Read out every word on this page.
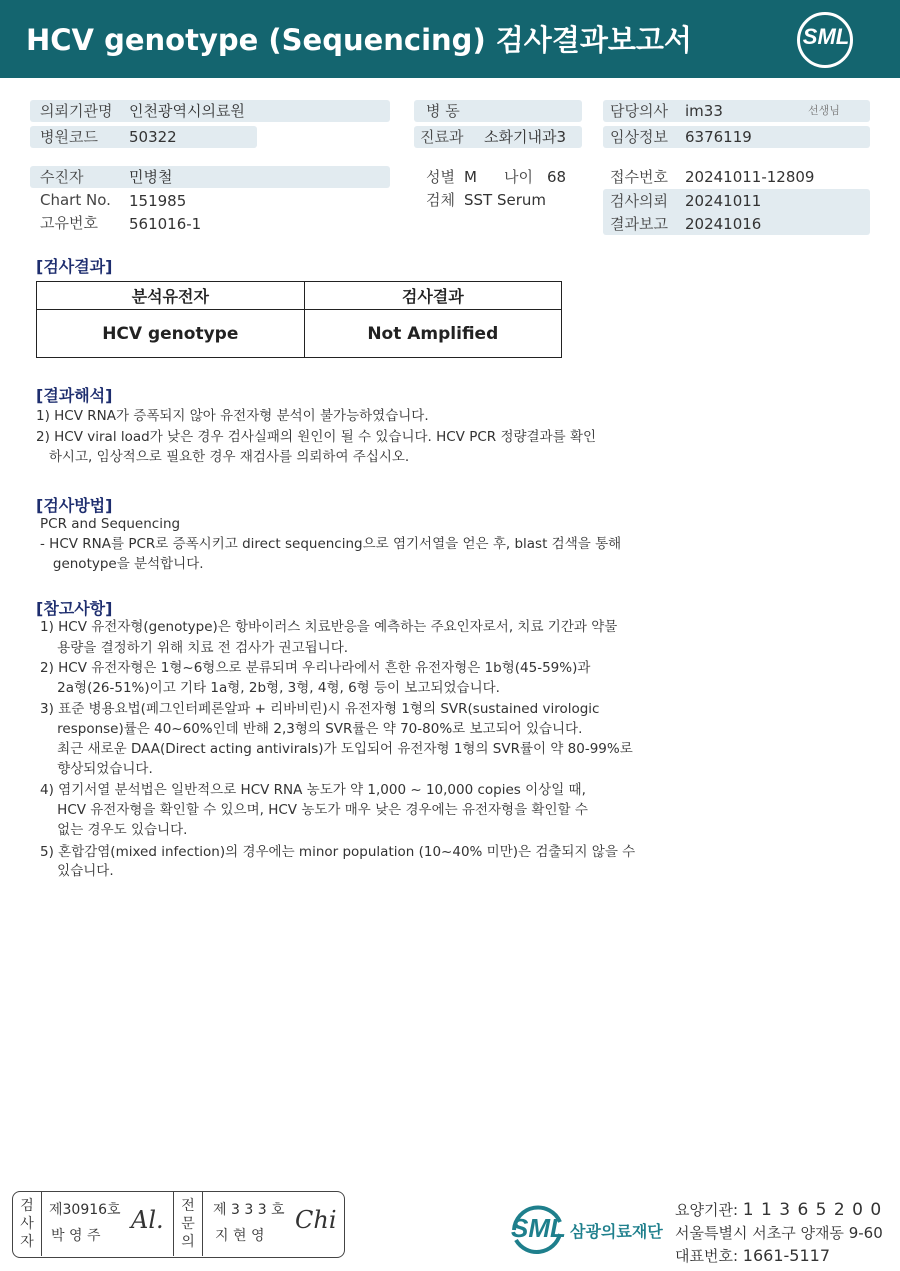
HCV genotype (Sequencing) 검사결과보고서	SML
의뢰기관명 인천광역시의료원
병원코드 50322
병 동
진료과 소화기내과3
담당의사 im33	선생님
임상정보 6376119
수진자	민병철
Chart No. 151985
고유번호 561016-1
성별 M 나이 68
검체 SST Serum
접수번호 20241011-12809
검사의뢰 20241011
결과보고 20241016
[검사결과]
분석유전자	검사결과
HCV genotype	Not Amplified
[결과해석]
1) HCV RNA가 증폭되지 않아 유전자형 분석이 불가능하였습니다.
2) HCV viral load가 낮은 경우 검사실패의 원인이 될 수 있습니다. HCV PCR 정량결과를 확인
하시고, 임상적으로 필요한 경우 재검사를 의뢰하여 주십시오.
[검사방법]
PCR and Sequencing
- HCV RNA를 PCR로 증폭시키고 direct sequencing으로 염기서열을 얻은 후, blast 검색을 통해
genotype을 분석합니다.
[참고사항]
1) HCV 유전자형(genotype)은 항바이러스 치료반응을 예측하는 주요인자로서, 치료 기간과 약물
용량을 결정하기 위해 치료 전 검사가 권고됩니다.
2) HCV 유전자형은 1형~6형으로 분류되며 우리나라에서 흔한 유전자형은 1b형(45-59%)과
2a형(26-51%)이고 기타 1a형, 2b형, 3형, 4형, 6형 등이 보고되었습니다.
3) 표준 병용요법(페그인터페론알파 + 리바비린)시 유전자형 1형의 SVR(sustained virologic
response)률은 40~60%인데 반해 2,3형의 SVR률은 약 70-80%로 보고되어 있습니다.
최근 새로운 DAA(Direct acting antivirals)가 도입되어 유전자형 1형의 SVR률이 약 80-99%로
향상되었습니다.
4) 염기서열 분석법은 일반적으로 HCV RNA 농도가 약 1,000 ~ 10,000 copies 이상일 때,
HCV 유전자형을 확인할 수 있으며, HCV 농도가 매우 낮은 경우에는 유전자형을 확인할 수
없는 경우도 있습니다.
5) 혼합감염(mixed infection)의 경우에는 minor population (10~40% 미만)은 검출되지 않을 수
있습니다.
검
사
자
제30916호
박 영 주
Al. 전
문
의
제 3 3 3 호
지 현 영
Chi	SML 삼광의료재단
요양기관: 1 1 3 6 5 2 0 0
서울특별시 서초구 양재동 9-60
대표번호: 1661-5117
